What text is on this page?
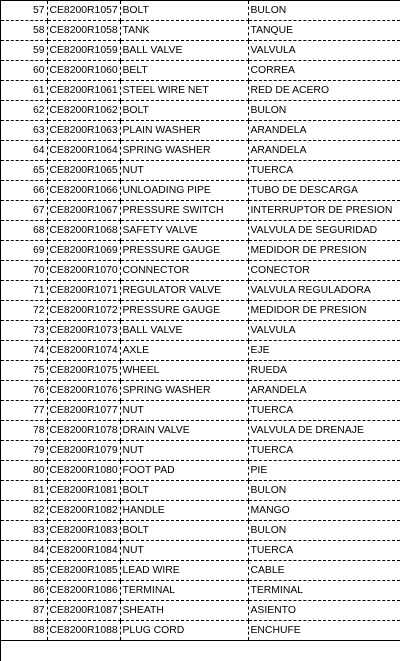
57	CE8200R1057	BOLT	BULON
58	CE8200R1058	TANK	TANQUE
59	CE8200R1059	BALL VALVE	VALVULA
60	CE8200R1060	BELT	CORREA
61	CE8200R1061	STEEL WIRE NET	RED DE ACERO
62	CE8200R1062	BOLT	BULON
63	CE8200R1063	PLAIN WASHER	ARANDELA
64	CE8200R1064	SPRING WASHER	ARANDELA
65	CE8200R1065	NUT	TUERCA
66	CE8200R1066	UNLOADING PIPE	TUBO DE DESCARGA
67	CE8200R1067	PRESSURE SWITCH	INTERRUPTOR DE PRESION
68	CE8200R1068	SAFETY VALVE	VALVULA DE SEGURIDAD
69	CE8200R1069	PRESSURE GAUGE	MEDIDOR DE PRESION
70	CE8200R1070	CONNECTOR	CONECTOR
71	CE8200R1071	REGULATOR VALVE	VALVULA REGULADORA
72	CE8200R1072	PRESSURE GAUGE	MEDIDOR DE PRESION
73	CE8200R1073	BALL VALVE	VALVULA
74	CE8200R1074	AXLE	EJE
75	CE8200R1075	WHEEL	RUEDA
76	CE8200R1076	SPRING WASHER	ARANDELA
77	CE8200R1077	NUT	TUERCA
78	CE8200R1078	DRAIN VALVE	VALVULA DE DRENAJE
79	CE8200R1079	NUT	TUERCA
80	CE8200R1080	FOOT PAD	PIE
81	CE8200R1081	BOLT	BULON
82	CE8200R1082	HANDLE	MANGO
83	CE8200R1083	BOLT	BULON
84	CE8200R1084	NUT	TUERCA
85	CE8200R1085	LEAD WIRE	CABLE
86	CE8200R1086	TERMINAL	TERMINAL
87	CE8200R1087	SHEATH	ASIENTO
88	CE8200R1088	PLUG CORD	ENCHUFE
